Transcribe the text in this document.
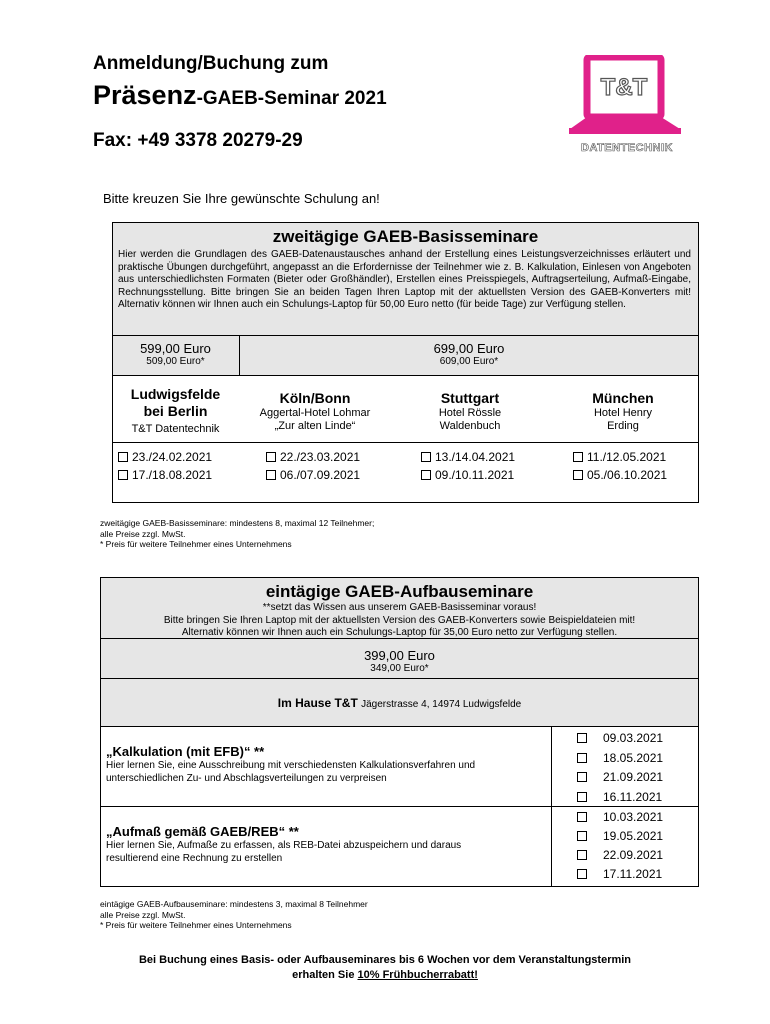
Anmeldung/Buchung zum
Präsenz-GAEB-Seminar 2021
Fax: +49 3378 20279-29
T&T
DATENTECHNIK
Bitte kreuzen Sie Ihre gewünschte Schulung an!
zweitägige GAEB-Basisseminare
Hier werden die Grundlagen des GAEB-Datenaustausches anhand der Erstellung eines Leistungsverzeichnisses erläutert und praktische Übungen durchgeführt, angepasst an die Erfordernisse der Teilnehmer wie z. B. Kalkulation, Einlesen von Angeboten aus unterschiedlichsten Formaten (Bieter oder Großhändler), Erstellen eines Preisspiegels, Auftragserteilung, Aufmaß-Eingabe, Rechnungsstellung. Bitte bringen Sie an beiden Tagen Ihren Laptop mit der aktuellsten Version des GAEB-Konverters mit! Alternativ können wir Ihnen auch ein Schulungs-Laptop für 50,00 Euro netto (für beide Tage) zur Verfügung stellen.
599,00 Euro
509,00 Euro*
699,00 Euro
609,00 Euro*
Ludwigsfelde
bei Berlin
T&T Datentechnik
Köln/Bonn
Aggertal-Hotel Lohmar
„Zur alten Linde“
Stuttgart
Hotel Rössle
Waldenbuch
München
Hotel Henry
Erding
23./24.02.2021
17./18.08.2021
22./23.03.2021
06./07.09.2021
13./14.04.2021
09./10.11.2021
11./12.05.2021
05./06.10.2021
zweitägige GAEB-Basisseminare: mindestens 8, maximal 12 Teilnehmer;
alle Preise zzgl. MwSt.
* Preis für weitere Teilnehmer eines Unternehmens
eintägige GAEB-Aufbauseminare
**setzt das Wissen aus unserem GAEB-Basisseminar voraus!
Bitte bringen Sie Ihren Laptop mit der aktuellsten Version des GAEB-Konverters sowie Beispieldateien mit!
Alternativ können wir Ihnen auch ein Schulungs-Laptop für 35,00 Euro netto zur Verfügung stellen.
399,00 Euro
349,00 Euro*
Im Hause T&T Jägerstrasse 4, 14974 Ludwigsfelde
„Kalkulation (mit EFB)“ **
Hier lernen Sie, eine Ausschreibung mit verschiedensten Kalkulationsverfahren und
unterschiedlichen Zu- und Abschlagsverteilungen zu verpreisen
09.03.2021
18.05.2021
21.09.2021
16.11.2021
„Aufmaß gemäß GAEB/REB“ **
Hier lernen Sie, Aufmaße zu erfassen, als REB-Datei abzuspeichern und daraus
resultierend eine Rechnung zu erstellen
10.03.2021
19.05.2021
22.09.2021
17.11.2021
eintägige GAEB-Aufbauseminare: mindestens 3, maximal 8 Teilnehmer
alle Preise zzgl. MwSt.
* Preis für weitere Teilnehmer eines Unternehmens
Bei Buchung eines Basis- oder Aufbauseminares bis 6 Wochen vor dem Veranstaltungstermin
erhalten Sie 10% Frühbucherrabatt!
